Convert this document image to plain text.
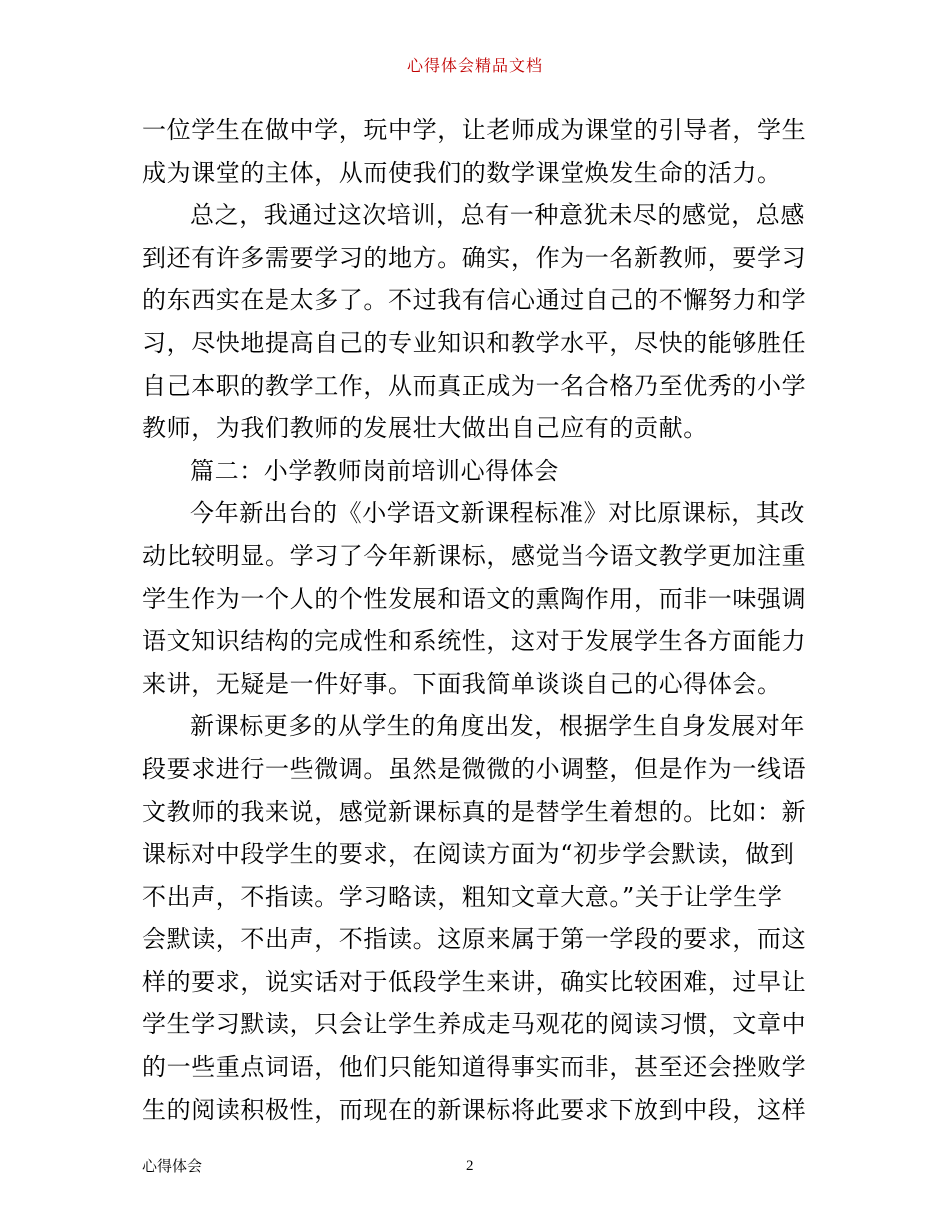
心得体会精品文档
一位学生在做中学，玩中学，让老师成为课堂的引导者，学生
成为课堂的主体，从而使我们的数学课堂焕发生命的活力。
总之，我通过这次培训，总有一种意犹未尽的感觉，总感
到还有许多需要学习的地方。确实，作为一名新教师，要学习
的东西实在是太多了。不过我有信心通过自己的不懈努力和学
习，尽快地提高自己的专业知识和教学水平，尽快的能够胜任
自己本职的教学工作，从而真正成为一名合格乃至优秀的小学
教师，为我们教师的发展壮大做出自己应有的贡献。
篇二：小学教师岗前培训心得体会
今年新出台的《小学语文新课程标准》对比原课标，其改
动比较明显。学习了今年新课标，感觉当今语文教学更加注重
学生作为一个人的个性发展和语文的熏陶作用，而非一味强调
语文知识结构的完成性和系统性，这对于发展学生各方面能力
来讲，无疑是一件好事。下面我简单谈谈自己的心得体会。
新课标更多的从学生的角度出发，根据学生自身发展对年
段要求进行一些微调。虽然是微微的小调整，但是作为一线语
文教师的我来说，感觉新课标真的是替学生着想的。比如：新
课标对中段学生的要求，在阅读方面为“初步学会默读，做到
不出声，不指读。学习略读，粗知文章大意。”关于让学生学
会默读，不出声，不指读。这原来属于第一学段的要求，而这
样的要求，说实话对于低段学生来讲，确实比较困难，过早让
学生学习默读，只会让学生养成走马观花的阅读习惯，文章中
的一些重点词语，他们只能知道得事实而非，甚至还会挫败学
生的阅读积极性，而现在的新课标将此要求下放到中段，这样
心得体会	2
